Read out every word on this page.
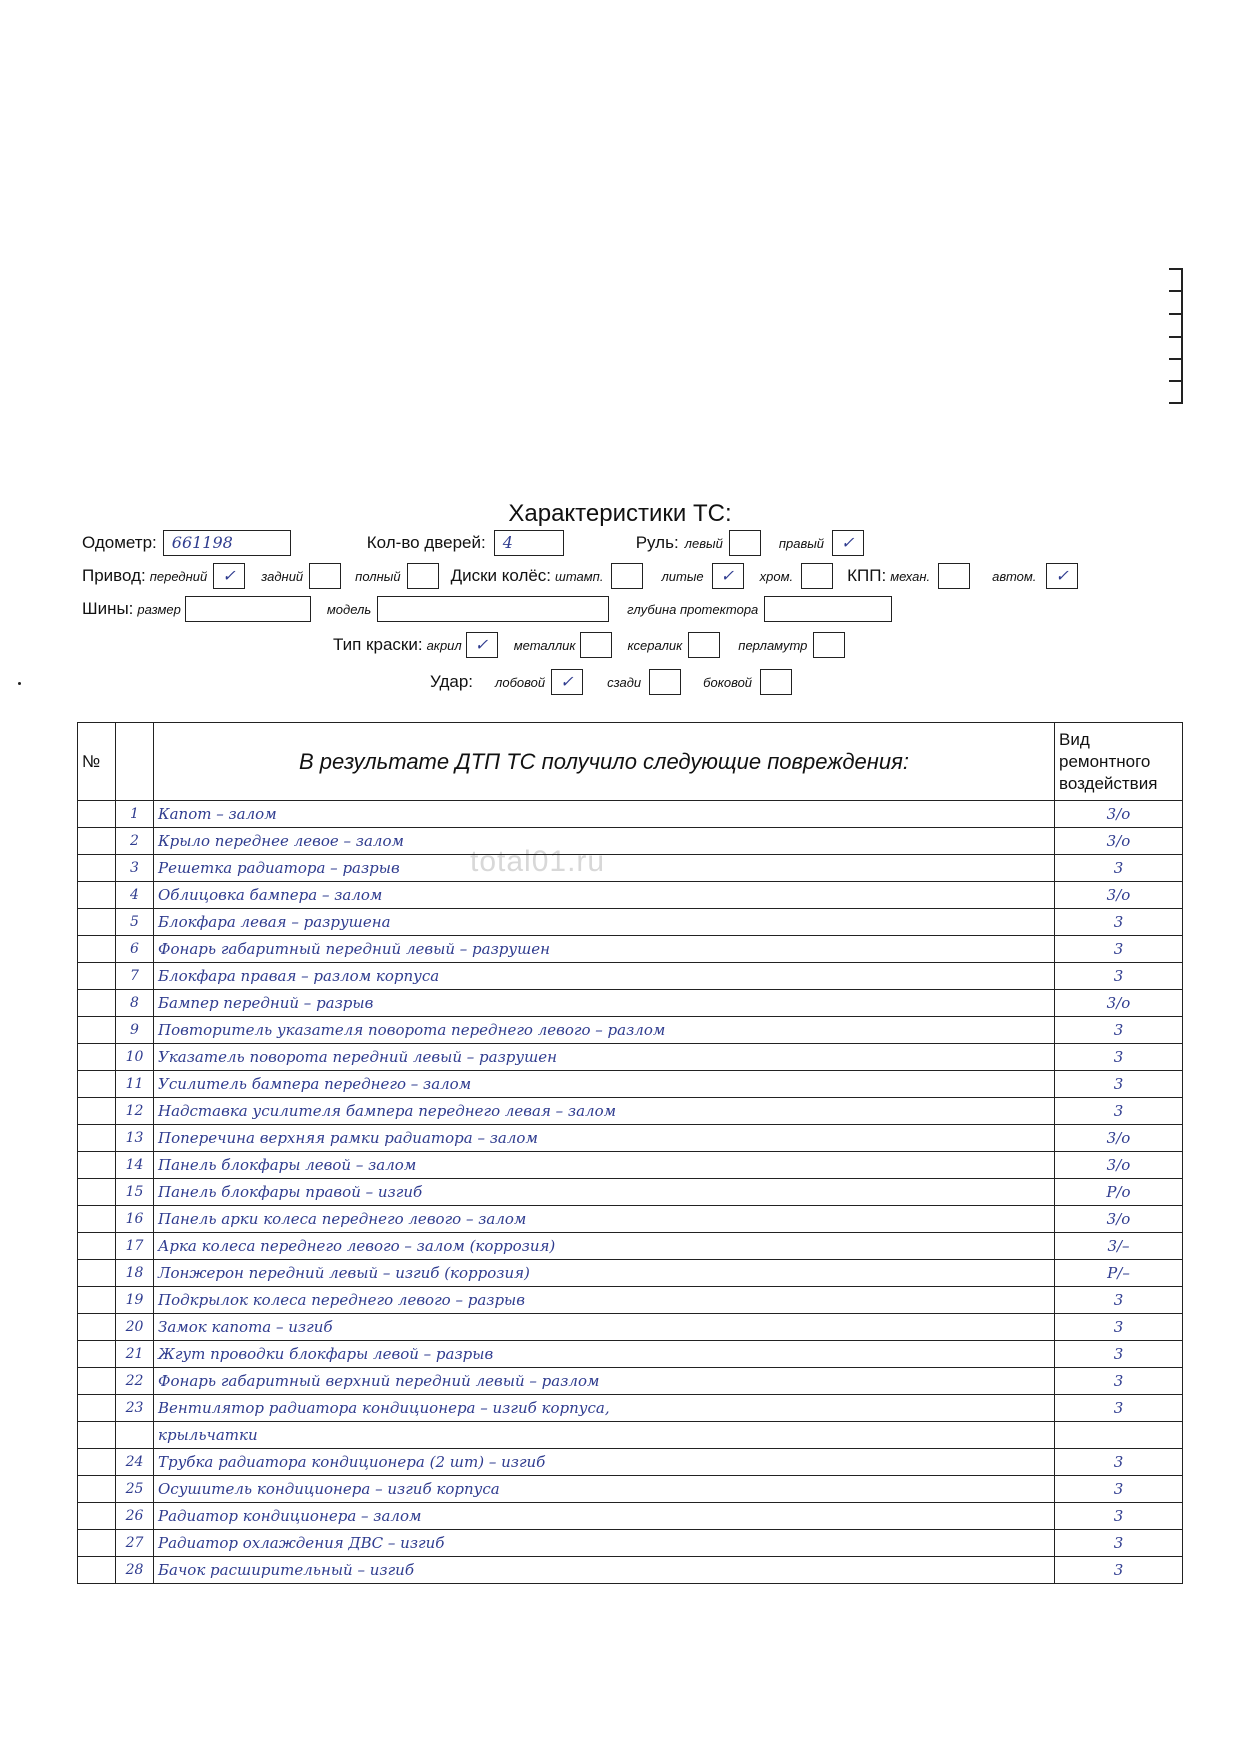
Характеристики ТС:
Одометр: 661198	Кол-во дверей: 4	Руль: левый	правый ✓
Привод: передний ✓ задний	полный	Диски колёс: штамп.	литые ✓ хром.	КПП: механ.	автом. ✓
Шины: размер	модель	глубина протектора
Тип краски: акрил ✓ металлик	ксералик	перламутр
Удар: лобовой ✓	сзади	боковой
total01.ru
№		В результате ДТП ТС получило следующие повреждения:	Вид
ремонтного
воздействия

	1	Капот – залом	3/о
	2	Крыло переднее левое – залом	3/о
	3	Решетка радиатора – разрыв	3
	4	Облицовка бампера – залом	3/о
	5	Блокфара левая – разрушена	3
	6	Фонарь габаритный передний левый – разрушен	3
	7	Блокфара правая – разлом корпуса	3
	8	Бампер передний – разрыв	3/о
	9	Повторитель указателя поворота переднего левого – разлом	3
	10	Указатель поворота передний левый – разрушен	3
	11	Усилитель бампера переднего – залом	3
	12	Надставка усилителя бампера переднего левая – залом	3
	13	Поперечина верхняя рамки радиатора – залом	3/о
	14	Панель блокфары левой – залом	3/о
	15	Панель блокфары правой – изгиб	Р/о
	16	Панель арки колеса переднего левого – залом	3/о
	17	Арка колеса переднего левого – залом (коррозия)	3/–
	18	Лонжерон передний левый – изгиб (коррозия)	Р/–
	19	Подкрылок колеса переднего левого – разрыв	3
	20	Замок капота – изгиб	3
	21	Жгут проводки блокфары левой – разрыв	3
	22	Фонарь габаритный верхний передний левый – разлом	3
	23	Вентилятор радиатора кондиционера – изгиб корпуса,	3
		крыльчатки	
	24	Трубка радиатора кондиционера (2 шт) – изгиб	3
	25	Осушитель кондиционера – изгиб корпуса	3
	26	Радиатор кондиционера – залом	3
	27	Радиатор охлаждения ДВС – изгиб	3
	28	Бачок расширительный – изгиб	3
